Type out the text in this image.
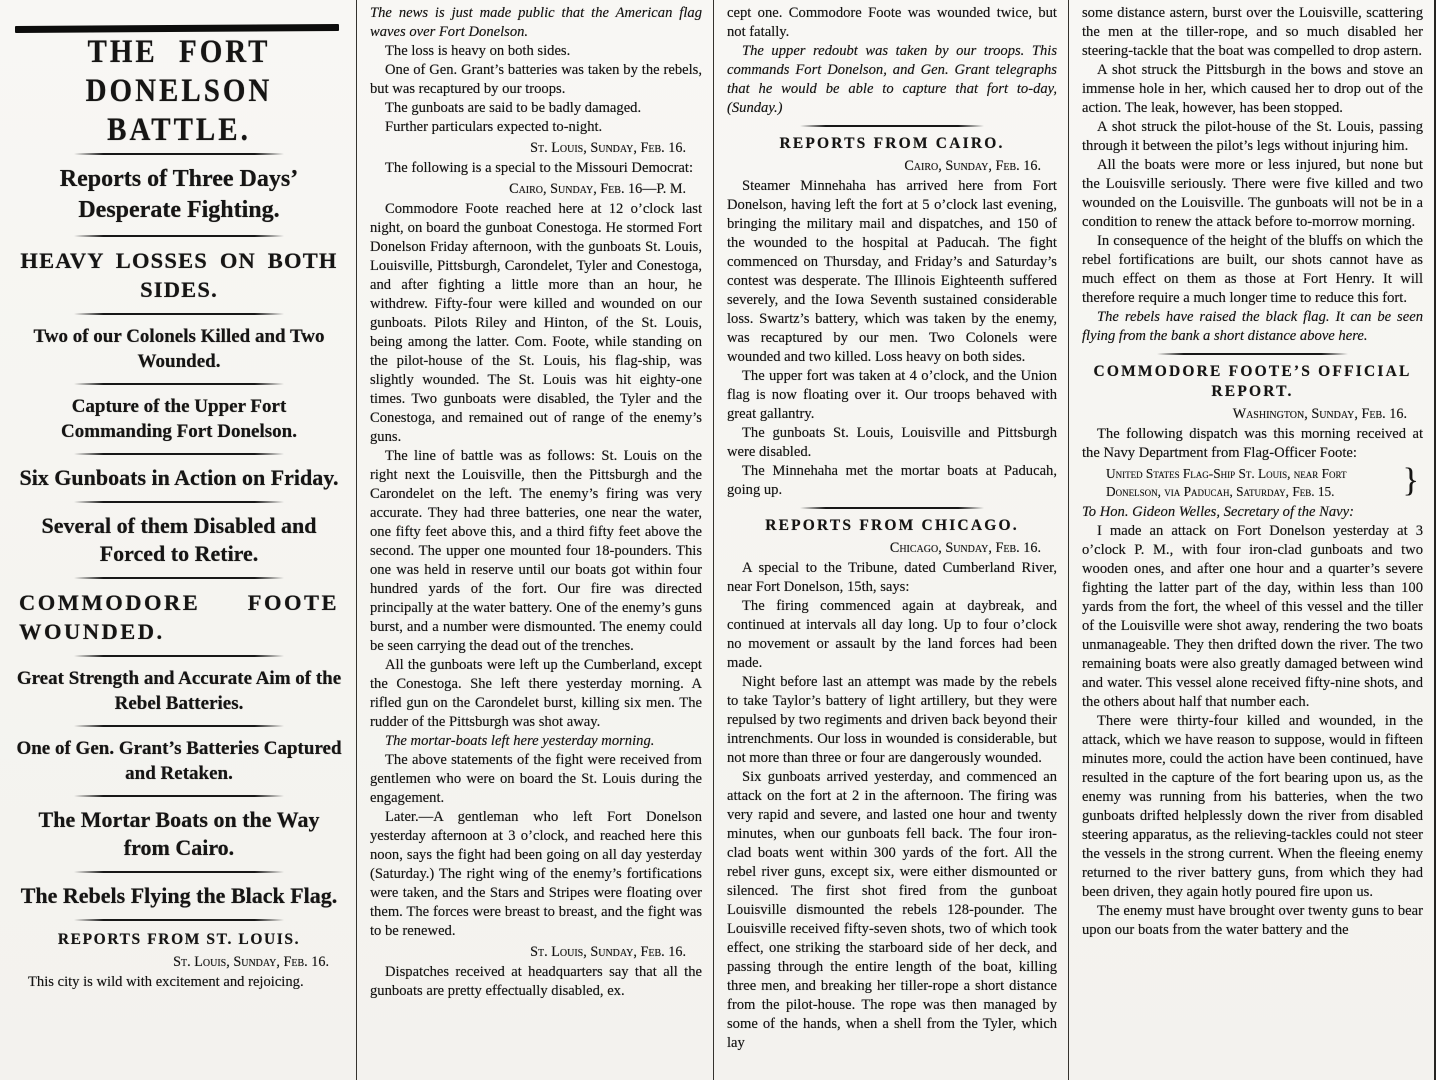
THE FORT DONELSON BATTLE.
Reports of Three Days’ Desperate Fighting.
HEAVY LOSSES ON BOTH SIDES.
Two of our Colonels Killed and Two Wounded.
Capture of the Upper Fort Commanding Fort Donelson.
Six Gunboats in Action on Friday.
Several of them Disabled and Forced to Retire.
COMMODORE FOOTE WOUNDED.
Great Strength and Accurate Aim of the Rebel Batteries.
One of Gen. Grant’s Batteries Captured and Retaken.
The Mortar Boats on the Way from Cairo.
The Rebels Flying the Black Flag.
REPORTS FROM ST. LOUIS.
St. Louis, Sunday, Feb. 16.
This city is wild with excitement and rejoicing.
The news is just made public that the American flag waves over Fort Donelson.
The loss is heavy on both sides.
One of Gen. Grant’s batteries was taken by the rebels, but was recaptured by our troops.
The gunboats are said to be badly damaged.
Further particulars expected to-night.
St. Louis, Sunday, Feb. 16.
The following is a special to the Missouri Democrat:
Cairo, Sunday, Feb. 16—P. M.
Commodore Foote reached here at 12 o’clock last night, on board the gunboat Conestoga. He stormed Fort Donelson Friday afternoon, with the gunboats St. Louis, Louisville, Pittsburgh, Carondelet, Tyler and Conestoga, and after fighting a little more than an hour, he withdrew. Fifty-four were killed and wounded on our gunboats. Pilots Riley and Hinton, of the St. Louis, being among the latter. Com. Foote, while standing on the pilot-house of the St. Louis, his flag-ship, was slightly wounded. The St. Louis was hit eighty-one times. Two gunboats were disabled, the Tyler and the Conestoga, and remained out of range of the enemy’s guns.
The line of battle was as follows: St. Louis on the right next the Louisville, then the Pittsburgh and the Carondelet on the left. The enemy’s firing was very accurate. They had three batteries, one near the water, one fifty feet above this, and a third fifty feet above the second. The upper one mounted four 18-pounders. This one was held in reserve until our boats got within four hundred yards of the fort. Our fire was directed principally at the water battery. One of the enemy’s guns burst, and a number were dismounted. The enemy could be seen carrying the dead out of the trenches.
All the gunboats were left up the Cumberland, except the Conestoga. She left there yesterday morning. A rifled gun on the Carondelet burst, killing six men. The rudder of the Pittsburgh was shot away.
The mortar-boats left here yesterday morning.
The above statements of the fight were received from gentlemen who were on board the St. Louis during the engagement.
Later.—A gentleman who left Fort Donelson yesterday afternoon at 3 o’clock, and reached here this noon, says the fight had been going on all day yesterday (Saturday.) The right wing of the enemy’s fortifications were taken, and the Stars and Stripes were floating over them. The forces were breast to breast, and the fight was to be renewed.
St. Louis, Sunday, Feb. 16.
Dispatches received at headquarters say that all the gunboats are pretty effectually disabled, ex.
cept one. Commodore Foote was wounded twice, but not fatally.
The upper redoubt was taken by our troops. This commands Fort Donelson, and Gen. Grant telegraphs that he would be able to capture that fort to-day, (Sunday.)
REPORTS FROM CAIRO.
Cairo, Sunday, Feb. 16.
Steamer Minnehaha has arrived here from Fort Donelson, having left the fort at 5 o’clock last evening, bringing the military mail and dispatches, and 150 of the wounded to the hospital at Paducah. The fight commenced on Thursday, and Friday’s and Saturday’s contest was desperate. The Illinois Eighteenth suffered severely, and the Iowa Seventh sustained considerable loss. Swartz’s battery, which was taken by the enemy, was recaptured by our men. Two Colonels were wounded and two killed. Loss heavy on both sides.
The upper fort was taken at 4 o’clock, and the Union flag is now floating over it. Our troops behaved with great gallantry.
The gunboats St. Louis, Louisville and Pittsburgh were disabled.
The Minnehaha met the mortar boats at Paducah, going up.
REPORTS FROM CHICAGO.
Chicago, Sunday, Feb. 16.
A special to the Tribune, dated Cumberland River, near Fort Donelson, 15th, says:
The firing commenced again at daybreak, and continued at intervals all day long. Up to four o’clock no movement or assault by the land forces had been made.
Night before last an attempt was made by the rebels to take Taylor’s battery of light artillery, but they were repulsed by two regiments and driven back beyond their intrenchments. Our loss in wounded is considerable, but not more than three or four are dangerously wounded.
Six gunboats arrived yesterday, and commenced an attack on the fort at 2 in the afternoon. The firing was very rapid and severe, and lasted one hour and twenty minutes, when our gunboats fell back. The four iron-clad boats went within 300 yards of the fort. All the rebel river guns, except six, were either dismounted or silenced. The first shot fired from the gunboat Louisville dismounted the rebels 128-pounder. The Louisville received fifty-seven shots, two of which took effect, one striking the starboard side of her deck, and passing through the entire length of the boat, killing three men, and breaking her tiller-rope a short distance from the pilot-house. The rope was then managed by some of the hands, when a shell from the Tyler, which lay
some distance astern, burst over the Louisville, scattering the men at the tiller-rope, and so much disabled her steering-tackle that the boat was compelled to drop astern.
A shot struck the Pittsburgh in the bows and stove an immense hole in her, which caused her to drop out of the action. The leak, however, has been stopped.
A shot struck the pilot-house of the St. Louis, passing through it between the pilot’s legs without injuring him.
All the boats were more or less injured, but none but the Louisville seriously. There were five killed and two wounded on the Louisville. The gunboats will not be in a condition to renew the attack before to-morrow morning.
In consequence of the height of the bluffs on which the rebel fortifications are built, our shots cannot have as much effect on them as those at Fort Henry. It will therefore require a much longer time to reduce this fort.
The rebels have raised the black flag. It can be seen flying from the bank a short distance above here.
COMMODORE FOOTE’S OFFICIAL REPORT.
Washington, Sunday, Feb. 16.
The following dispatch was this morning received at the Navy Department from Flag-Officer Foote:
United States Flag-Ship St. Louis, near Fort Donelson, via Paducah, Saturday, Feb. 15. }
To Hon. Gideon Welles, Secretary of the Navy:
I made an attack on Fort Donelson yesterday at 3 o’clock P. M., with four iron-clad gunboats and two wooden ones, and after one hour and a quarter’s severe fighting the latter part of the day, within less than 100 yards from the fort, the wheel of this vessel and the tiller of the Louisville were shot away, rendering the two boats unmanageable. They then drifted down the river. The two remaining boats were also greatly damaged between wind and water. This vessel alone received fifty-nine shots, and the others about half that number each.
There were thirty-four killed and wounded, in the attack, which we have reason to suppose, would in fifteen minutes more, could the action have been continued, have resulted in the capture of the fort bearing upon us, as the enemy was running from his batteries, when the two gunboats drifted helplessly down the river from disabled steering apparatus, as the relieving-tackles could not steer the vessels in the strong current. When the fleeing enemy returned to the river battery guns, from which they had been driven, they again hotly poured fire upon us.
The enemy must have brought over twenty guns to bear upon our boats from the water battery and the
